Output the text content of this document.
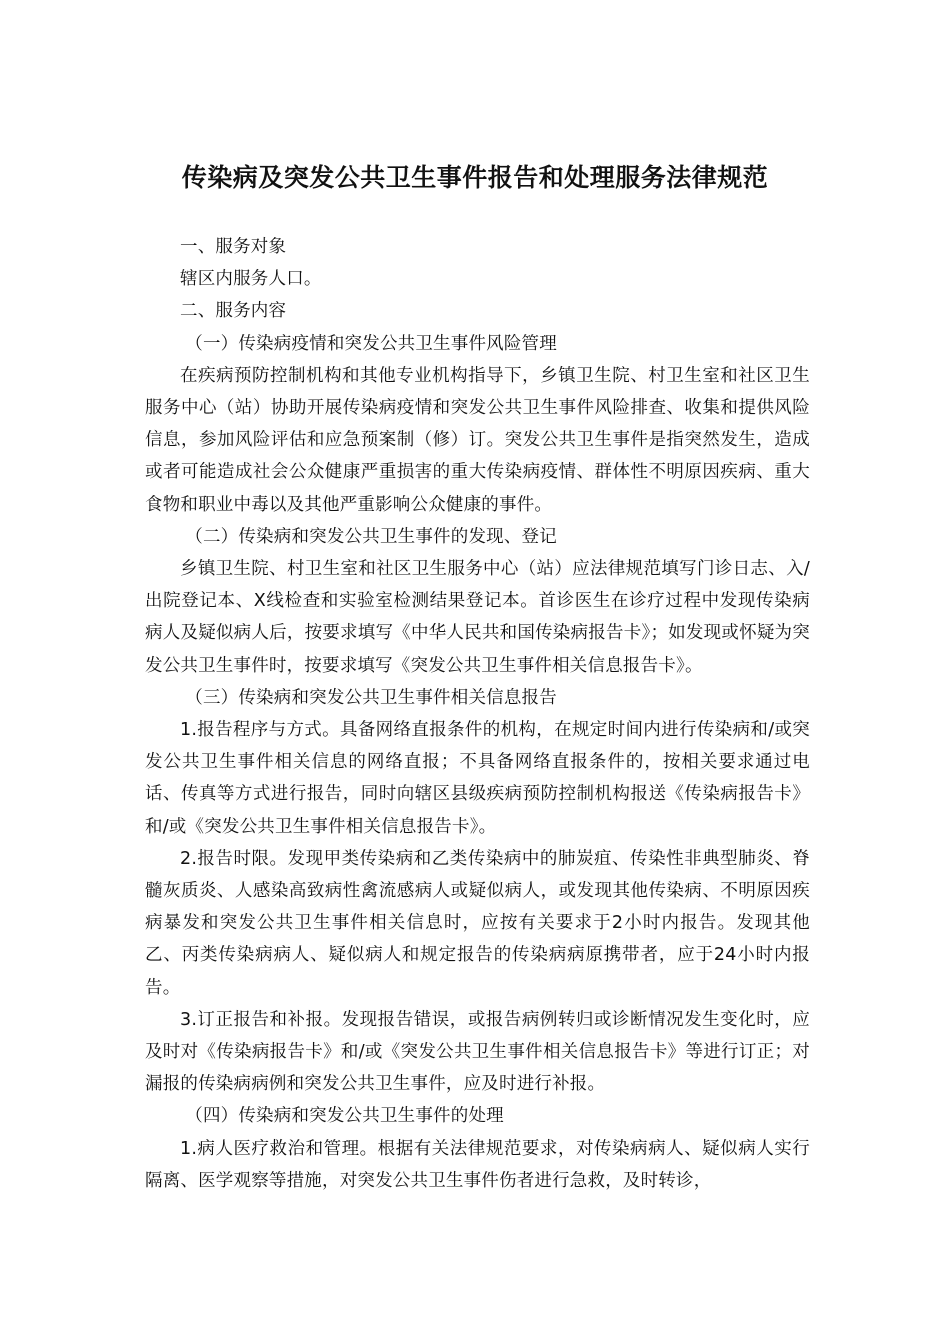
传染病及突发公共卫生事件报告和处理服务法律规范

一、服务对象

辖区内服务人口。

二、服务内容

（一）传染病疫情和突发公共卫生事件风险管理

在疾病预防控制机构和其他专业机构指导下，乡镇卫生院、村卫生室和社区卫生服务中心（站）协助开展传染病疫情和突发公共卫生事件风险排查、收集和提供风险信息，参加风险评估和应急预案制（修）订。突发公共卫生事件是指突然发生，造成或者可能造成社会公众健康严重损害的重大传染病疫情、群体性不明原因疾病、重大食物和职业中毒以及其他严重影响公众健康的事件。

（二）传染病和突发公共卫生事件的发现、登记

乡镇卫生院、村卫生室和社区卫生服务中心（站）应法律规范填写门诊日志、入/出院登记本、X线检查和实验室检测结果登记本。首诊医生在诊疗过程中发现传染病病人及疑似病人后，按要求填写《中华人民共和国传染病报告卡》；如发现或怀疑为突发公共卫生事件时，按要求填写《突发公共卫生事件相关信息报告卡》。

（三）传染病和突发公共卫生事件相关信息报告

1.报告程序与方式。具备网络直报条件的机构，在规定时间内进行传染病和/或突发公共卫生事件相关信息的网络直报；不具备网络直报条件的，按相关要求通过电话、传真等方式进行报告，同时向辖区县级疾病预防控制机构报送《传染病报告卡》和/或《突发公共卫生事件相关信息报告卡》。

2.报告时限。发现甲类传染病和乙类传染病中的肺炭疽、传染性非典型肺炎、脊髓灰质炎、人感染高致病性禽流感病人或疑似病人，或发现其他传染病、不明原因疾病暴发和突发公共卫生事件相关信息时，应按有关要求于2小时内报告。发现其他乙、丙类传染病病人、疑似病人和规定报告的传染病病原携带者，应于24小时内报告。

3.订正报告和补报。发现报告错误，或报告病例转归或诊断情况发生变化时，应及时对《传染病报告卡》和/或《突发公共卫生事件相关信息报告卡》等进行订正；对漏报的传染病病例和突发公共卫生事件，应及时进行补报。

（四）传染病和突发公共卫生事件的处理

1.病人医疗救治和管理。根据有关法律规范要求，对传染病病人、疑似病人实行隔离、医学观察等措施，对突发公共卫生事件伤者进行急救，及时转诊，
